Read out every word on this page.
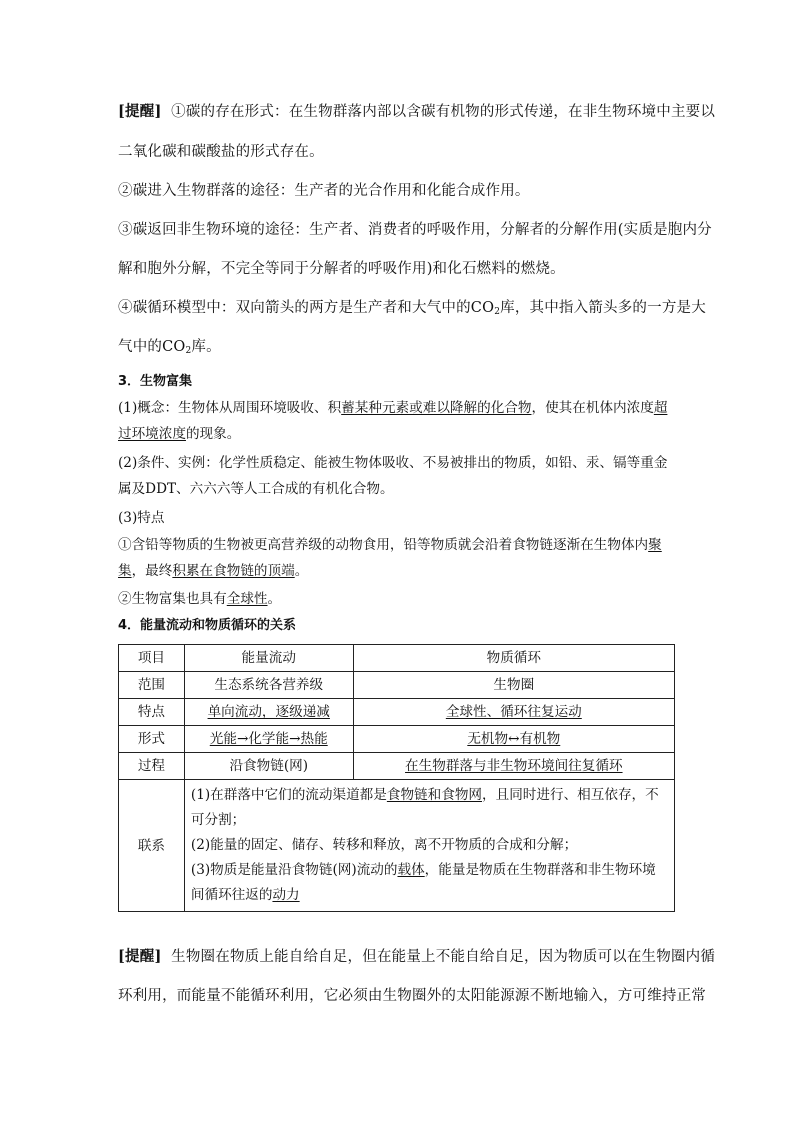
[提醒] ①碳的存在形式：在生物群落内部以含碳有机物的形式传递，在非生物环境中主要以
二氧化碳和碳酸盐的形式存在。
②碳进入生物群落的途径：生产者的光合作用和化能合成作用。
③碳返回非生物环境的途径：生产者、消费者的呼吸作用，分解者的分解作用(实质是胞内分
解和胞外分解，不完全等同于分解者的呼吸作用)和化石燃料的燃烧。
④碳循环模型中：双向箭头的两方是生产者和大气中的$CO_2$库，其中指入箭头多的一方是大
气中的$CO_2$库。
3．生物富集
(1)概念：生物体从周围环境吸收、积蓄某种元素或难以降解的化合物，使其在机体内浓度超
过环境浓度的现象。
(2)条件、实例：化学性质稳定、能被生物体吸收、不易被排出的物质，如铅、汞、镉等重金
属及DDT、六六六等人工合成的有机化合物。
(3)特点
①含铅等物质的生物被更高营养级的动物食用，铅等物质就会沿着食物链逐渐在生物体内聚
集，最终积累在食物链的顶端。
②生物富集也具有全球性。
4．能量流动和物质循环的关系
项目	能量流动	物质循环
范围	生态系统各营养级	生物圈
特点	单向流动，逐级递减	全球性、循环往复运动
形式	光能→化学能→热能	无机物↔有机物
过程	沿食物链(网)	在生物群落与非生物环境间往复循环
联系	(1)在群落中它们的流动渠道都是食物链和食物网，且同时进行、相互依存，不可分割；
(2)能量的固定、储存、转移和释放，离不开物质的合成和分解；
(3)物质是能量沿食物链(网)流动的载体，能量是物质在生物群落和非生物环境间循环往返的动力	
[提醒] 生物圈在物质上能自给自足，但在能量上不能自给自足，因为物质可以在生物圈内循
环利用，而能量不能循环利用，它必须由生物圈外的太阳能源源不断地输入，方可维持正常
